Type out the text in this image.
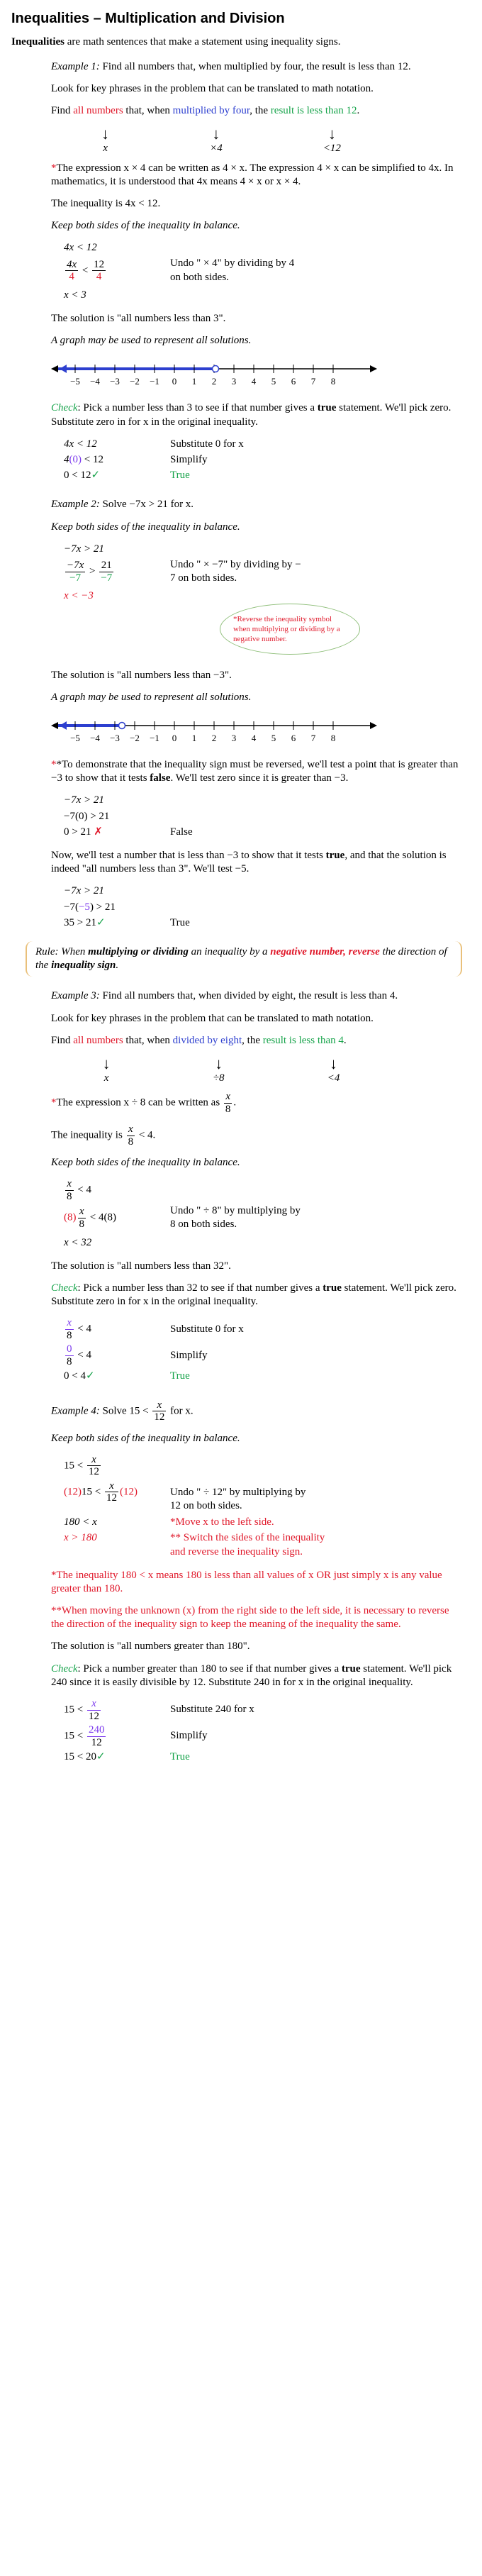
Inequalities – Multiplication and Division

Inequalities are math sentences that make a statement using inequality signs.

Example 1: Find all numbers that, when multiplied by four, the result is less than 12.

Look for key phrases in the problem that can be translated to math notation.

Find all numbers that, when multiplied by four, the result is less than 12.

↓
x
↓
×4
↓
<12

*The expression x × 4 can be written as 4 × x. The expression 4 × x can be simplified to 4x. In mathematics, it is understood that 4x means 4 × x or x × 4.

The inequality is 4x < 12.

Keep both sides of the inequality in balance.

4x < 12
$\frac{4x}{4} < \frac{12}{4}$	Undo " × 4" by dividing by 4 on both sides.
x < 3

The solution is "all numbers less than 3".

A graph may be used to represent all solutions.

−5 −4 −3 −2 −1 0 1 2 3 4 5 6 7 8

Check: Pick a number less than 3 to see if that number gives a true statement. We'll pick zero. Substitute zero in for x in the original inequality.

4x < 12	Substitute 0 for x
4(0) < 12	Simplify
0 < 12✓	True

Example 2: Solve −7x > 21 for x.

Keep both sides of the inequality in balance.

−7x > 21
$\frac{-7x}{-7} > \frac{21}{-7}$	Undo " × −7" by dividing by − 7 on both sides.
x < −3
*Reverse the inequality symbol when multiplying or dividing by a negative number.

The solution is "all numbers less than −3".

A graph may be used to represent all solutions.

−5 −4 −3 −2 −1 0 1 2 3 4 5 6 7 8

**To demonstrate that the inequality sign must be reversed, we'll test a point that is greater than −3 to show that it tests false. We'll test zero since it is greater than −3.

−7x > 21
−7(0) > 21
0 > 21 ✗	False

Now, we'll test a number that is less than −3 to show that it tests true, and that the solution is indeed "all numbers less than 3". We'll test −5.

−7x > 21
−7(−5) > 21
35 > 21✓	True
Rule: When multiplying or dividing an inequality by a negative number, reverse the direction of the inequality sign.

Example 3: Find all numbers that, when divided by eight, the result is less than 4.

Look for key phrases in the problem that can be translated to math notation.

Find all numbers that, when divided by eight, the result is less than 4.

↓
x
↓
÷8
↓
<4

*The expression x ÷ 8 can be written as $\frac{x}{8}$ .

The inequality is $\frac{x}{8} < 4$.

Keep both sides of the inequality in balance.

$\frac{x}{8} < 4$
$(8) \frac{x}{8} < 4(8)$
Undo " ÷ 8" by multiplying by 8 on both sides.
x < 32

The solution is "all numbers less than 32".

Check: Pick a number less than 32 to see if that number gives a true statement. We'll pick zero. Substitute zero in for x in the original inequality.

$\frac{x}{8} < 4$	Substitute 0 for x
$\frac{0}{8} < 4$	Simplify
0 < 4✓	True

Example 4: Solve $15 < \frac{x}{12}$ for x.

Keep both sides of the inequality in balance.

$15 < \frac{x}{12}$
$(12)15 < \frac{x}{12} (12)$	Undo " ÷ 12" by multiplying by 12 on both sides.
180 < x	*Move x to the left side.
x > 180	** Switch the sides of the inequality and reverse the inequality sign.

*The inequality 180 < x means 180 is less than all values of x OR just simply x is any value greater than 180.

**When moving the unknown (x) from the right side to the left side, it is necessary to reverse the direction of the inequality sign to keep the meaning of the inequality the same.

The solution is "all numbers greater than 180".

Check: Pick a number greater than 180 to see if that number gives a true statement. We'll pick 240 since it is easily divisible by 12. Substitute 240 in for x in the original inequality.

$15 < \frac{x}{12}$	Substitute 240 for x
$15 < \frac{240}{12}$	Simplify
15 < 20✓	True
